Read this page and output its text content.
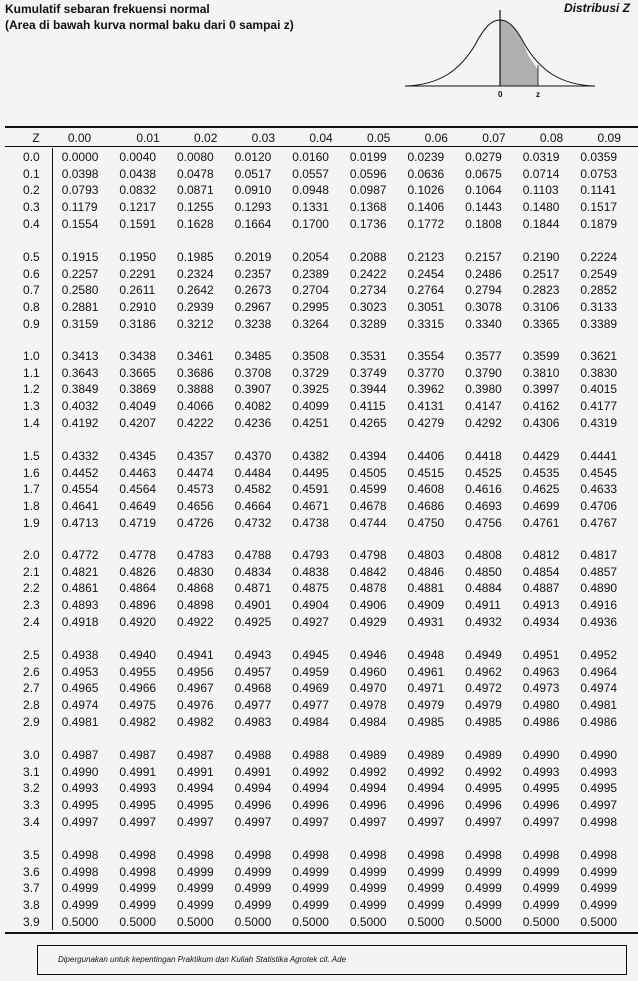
Kumulatif sebaran frekuensi normal
(Area di bawah kurva normal baku dari 0 sampai z)
Distribusi Z
0	z
Z	0.00	0.01	0.02	0.03	0.04	0.05	0.06	0.07	0.08	0.09
0.0	0.0000	0.0040	0.0080	0.0120	0.0160	0.0199	0.0239	0.0279	0.0319	0.0359
0.1	0.0398	0.0438	0.0478	0.0517	0.0557	0.0596	0.0636	0.0675	0.0714	0.0753
0.2	0.0793	0.0832	0.0871	0.0910	0.0948	0.0987	0.1026	0.1064	0.1103	0.1141
0.3	0.1179	0.1217	0.1255	0.1293	0.1331	0.1368	0.1406	0.1443	0.1480	0.1517
0.4	0.1554	0.1591	0.1628	0.1664	0.1700	0.1736	0.1772	0.1808	0.1844	0.1879
0.5	0.1915	0.1950	0.1985	0.2019	0.2054	0.2088	0.2123	0.2157	0.2190	0.2224
0.6	0.2257	0.2291	0.2324	0.2357	0.2389	0.2422	0.2454	0.2486	0.2517	0.2549
0.7	0.2580	0.2611	0.2642	0.2673	0.2704	0.2734	0.2764	0.2794	0.2823	0.2852
0.8	0.2881	0.2910	0.2939	0.2967	0.2995	0.3023	0.3051	0.3078	0.3106	0.3133
0.9	0.3159	0.3186	0.3212	0.3238	0.3264	0.3289	0.3315	0.3340	0.3365	0.3389
1.0	0.3413	0.3438	0.3461	0.3485	0.3508	0.3531	0.3554	0.3577	0.3599	0.3621
1.1	0.3643	0.3665	0.3686	0.3708	0.3729	0.3749	0.3770	0.3790	0.3810	0.3830
1.2	0.3849	0.3869	0.3888	0.3907	0.3925	0.3944	0.3962	0.3980	0.3997	0.4015
1.3	0.4032	0.4049	0.4066	0.4082	0.4099	0.4115	0.4131	0.4147	0.4162	0.4177
1.4	0.4192	0.4207	0.4222	0.4236	0.4251	0.4265	0.4279	0.4292	0.4306	0.4319
1.5	0.4332	0.4345	0.4357	0.4370	0.4382	0.4394	0.4406	0.4418	0.4429	0.4441
1.6	0.4452	0.4463	0.4474	0.4484	0.4495	0.4505	0.4515	0.4525	0.4535	0.4545
1.7	0.4554	0.4564	0.4573	0.4582	0.4591	0.4599	0.4608	0.4616	0.4625	0.4633
1.8	0.4641	0.4649	0.4656	0.4664	0.4671	0.4678	0.4686	0.4693	0.4699	0.4706
1.9	0.4713	0.4719	0.4726	0.4732	0.4738	0.4744	0.4750	0.4756	0.4761	0.4767
2.0	0.4772	0.4778	0.4783	0.4788	0.4793	0.4798	0.4803	0.4808	0.4812	0.4817
2.1	0.4821	0.4826	0.4830	0.4834	0.4838	0.4842	0.4846	0.4850	0.4854	0.4857
2.2	0.4861	0.4864	0.4868	0.4871	0.4875	0.4878	0.4881	0.4884	0.4887	0.4890
2.3	0.4893	0.4896	0.4898	0.4901	0.4904	0.4906	0.4909	0.4911	0.4913	0.4916
2.4	0.4918	0.4920	0.4922	0.4925	0.4927	0.4929	0.4931	0.4932	0.4934	0.4936
2.5	0.4938	0.4940	0.4941	0.4943	0.4945	0.4946	0.4948	0.4949	0.4951	0.4952
2.6	0.4953	0.4955	0.4956	0.4957	0.4959	0.4960	0.4961	0.4962	0.4963	0.4964
2.7	0.4965	0.4966	0.4967	0.4968	0.4969	0.4970	0.4971	0.4972	0.4973	0.4974
2.8	0.4974	0.4975	0.4976	0.4977	0.4977	0.4978	0.4979	0.4979	0.4980	0.4981
2.9	0.4981	0.4982	0.4982	0.4983	0.4984	0.4984	0.4985	0.4985	0.4986	0.4986
3.0	0.4987	0.4987	0.4987	0.4988	0.4988	0.4989	0.4989	0.4989	0.4990	0.4990
3.1	0.4990	0.4991	0.4991	0.4991	0.4992	0.4992	0.4992	0.4992	0.4993	0.4993
3.2	0.4993	0.4993	0.4994	0.4994	0.4994	0.4994	0.4994	0.4995	0.4995	0.4995
3.3	0.4995	0.4995	0.4995	0.4996	0.4996	0.4996	0.4996	0.4996	0.4996	0.4997
3.4	0.4997	0.4997	0.4997	0.4997	0.4997	0.4997	0.4997	0.4997	0.4997	0.4998
3.5	0.4998	0.4998	0.4998	0.4998	0.4998	0.4998	0.4998	0.4998	0.4998	0.4998
3.6	0.4998	0.4998	0.4999	0.4999	0.4999	0.4999	0.4999	0.4999	0.4999	0.4999
3.7	0.4999	0.4999	0.4999	0.4999	0.4999	0.4999	0.4999	0.4999	0.4999	0.4999
3.8	0.4999	0.4999	0.4999	0.4999	0.4999	0.4999	0.4999	0.4999	0.4999	0.4999
3.9	0.5000	0.5000	0.5000	0.5000	0.5000	0.5000	0.5000	0.5000	0.5000	0.5000
Dipergunakan untuk kepentingan Praktikum dan Kuliah Statistika Agrotek cit. Ade
